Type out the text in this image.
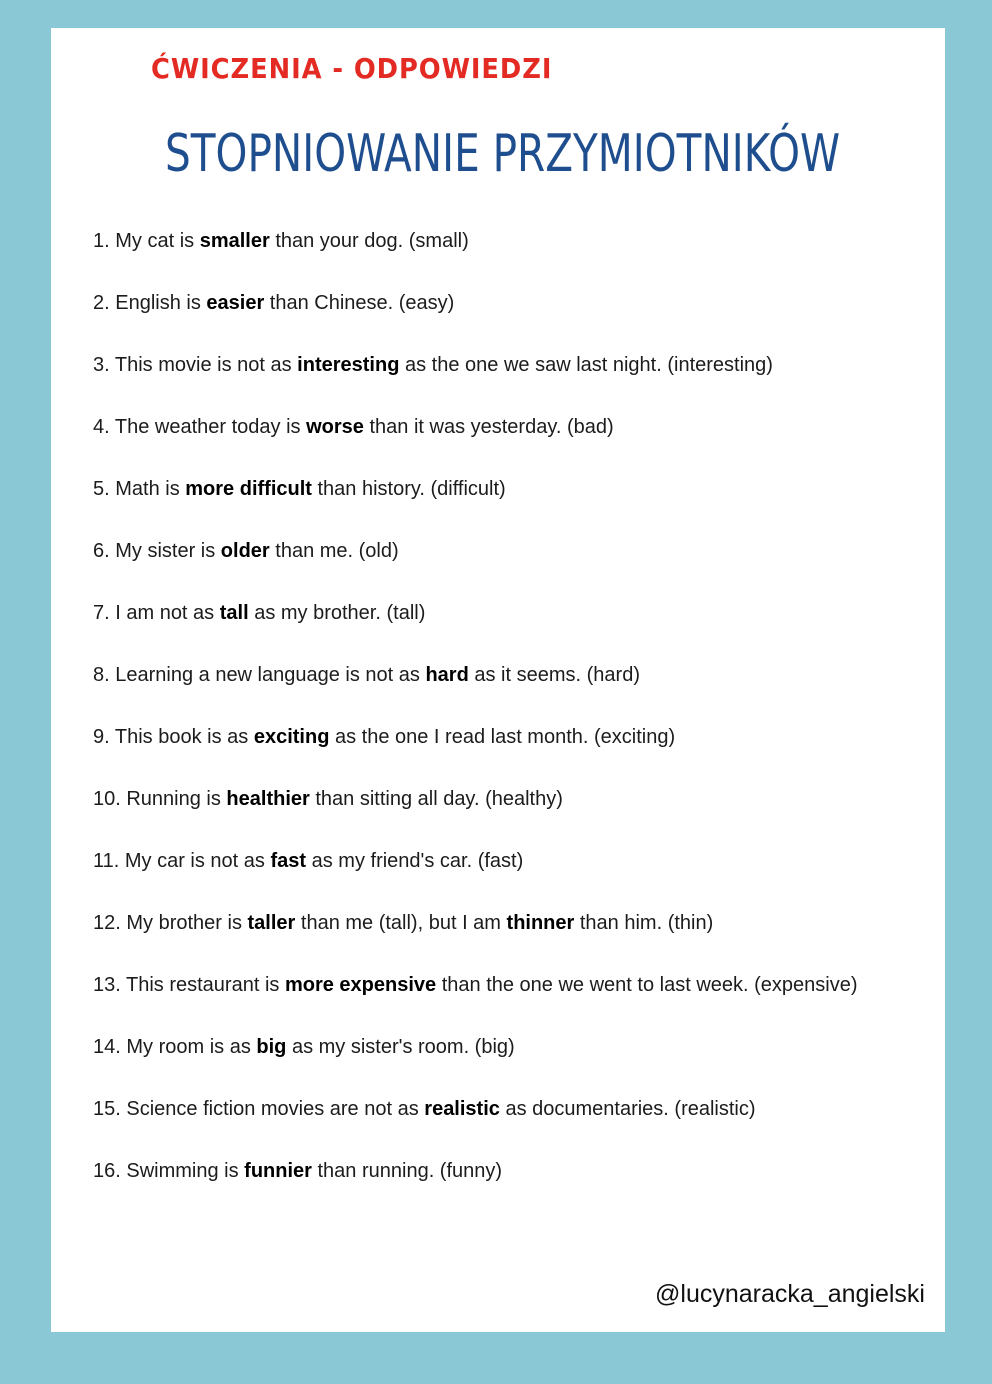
ĆWICZENIA - ODPOWIEDZI
STOPNIOWANIE PRZYMIOTNIKÓW
1. My cat is smaller than your dog. (small)
2. English is easier than Chinese. (easy)
3. This movie is not as interesting as the one we saw last night. (interesting)
4. The weather today is worse than it was yesterday. (bad)
5. Math is more difficult than history. (difficult)
6. My sister is older than me. (old)
7. I am not as tall as my brother. (tall)
8. Learning a new language is not as hard as it seems. (hard)
9. This book is as exciting as the one I read last month. (exciting)
10. Running is healthier than sitting all day. (healthy)
11. My car is not as fast as my friend's car. (fast)
12. My brother is taller than me (tall), but I am thinner than him. (thin)
13. This restaurant is more expensive than the one we went to last week. (expensive)
14. My room is as big as my sister's room. (big)
15. Science fiction movies are not as realistic as documentaries. (realistic)
16. Swimming is funnier than running. (funny)
@lucynaracka_angielski
